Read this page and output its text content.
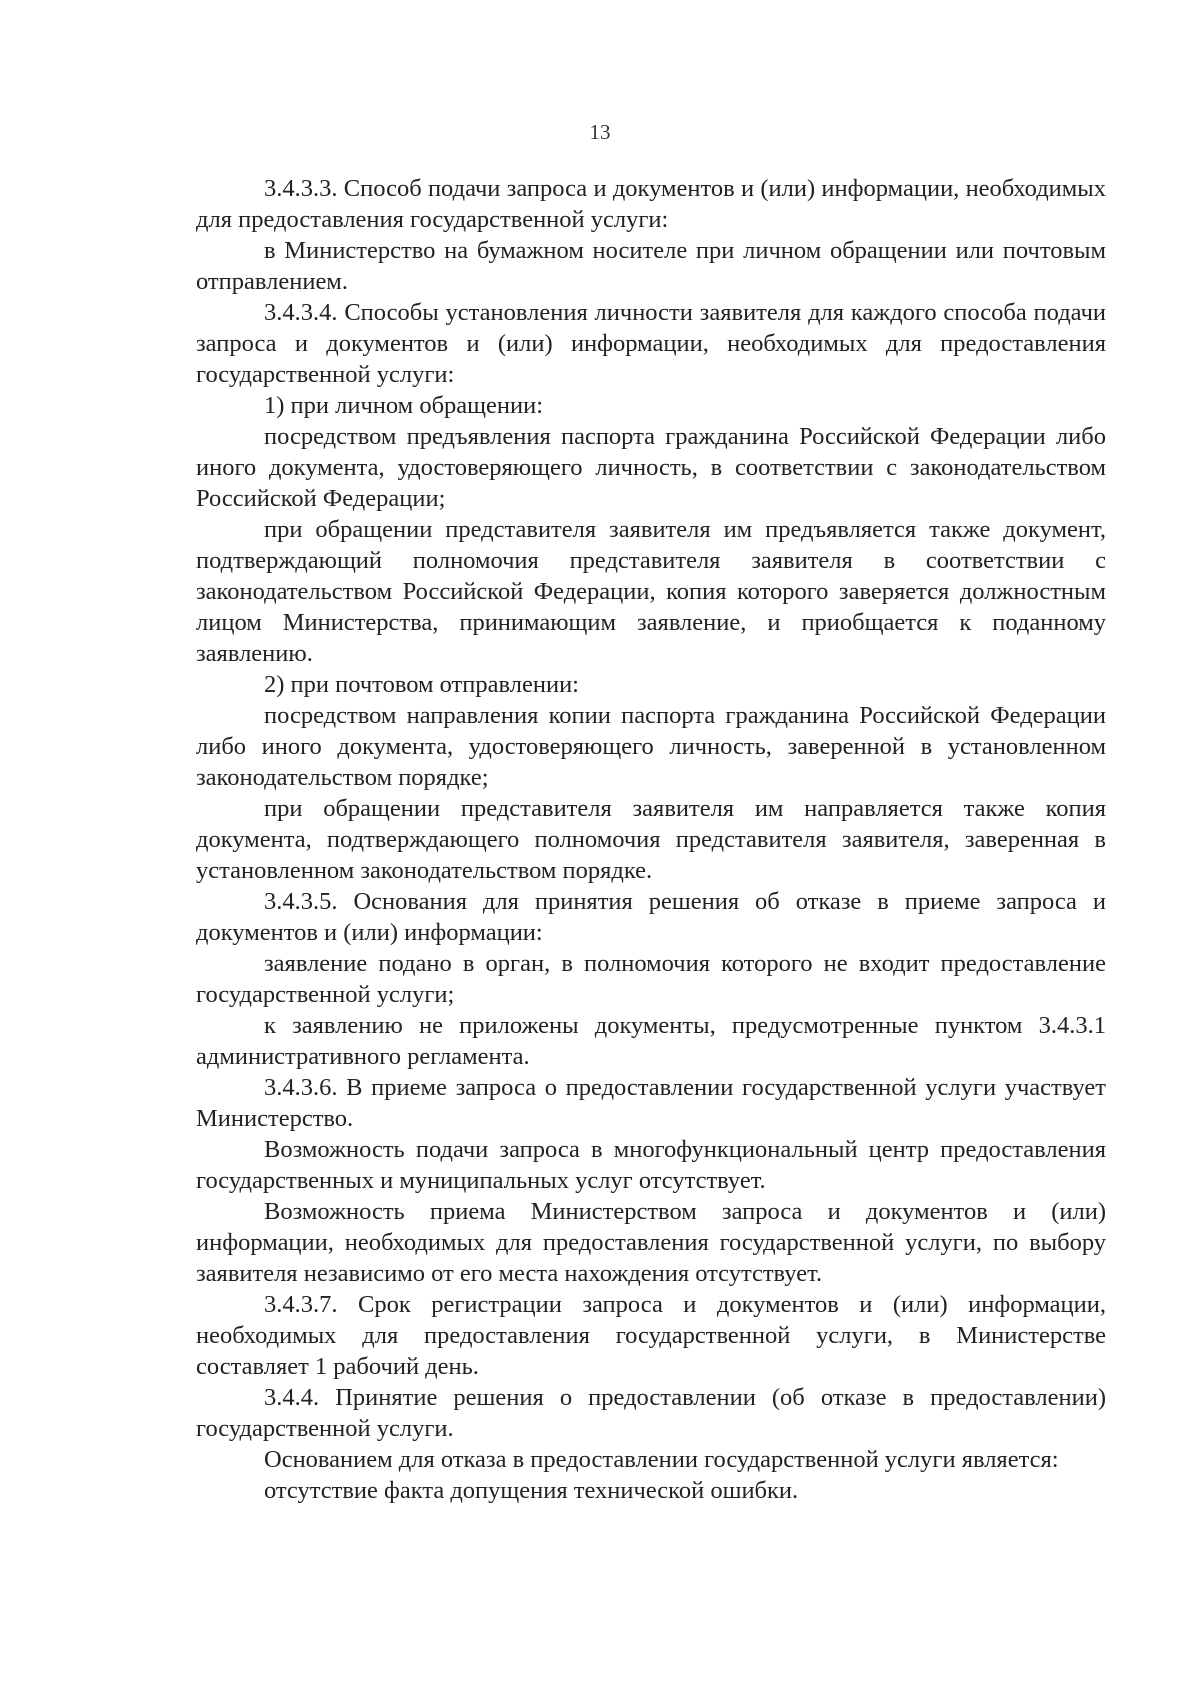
13

3.4.3.3. Способ подачи запроса и документов и (или) информации, необходимых для предоставления государственной услуги:

в Министерство на бумажном носителе при личном обращении или почтовым отправлением.

3.4.3.4. Способы установления личности заявителя для каждого способа подачи запроса и документов и (или) информации, необходимых для предоставления государственной услуги:

1) при личном обращении:

посредством предъявления паспорта гражданина Российской Федерации либо иного документа, удостоверяющего личность, в соответствии с законодательством Российской Федерации;

при обращении представителя заявителя им предъявляется также документ, подтверждающий полномочия представителя заявителя в соответствии с законодательством Российской Федерации, копия которого заверяется должностным лицом Министерства, принимающим заявление, и приобщается к поданному заявлению.

2) при почтовом отправлении:

посредством направления копии паспорта гражданина Российской Федерации либо иного документа, удостоверяющего личность, заверенной в установленном законодательством порядке;

при обращении представителя заявителя им направляется также копия документа, подтверждающего полномочия представителя заявителя, заверенная в установленном законодательством порядке.

3.4.3.5. Основания для принятия решения об отказе в приеме запроса и документов и (или) информации:

заявление подано в орган, в полномочия которого не входит предоставление государственной услуги;

к заявлению не приложены документы, предусмотренные пунктом 3.4.3.1 административного регламента.

3.4.3.6. В приеме запроса о предоставлении государственной услуги участвует Министерство.

Возможность подачи запроса в многофункциональный центр предоставления государственных и муниципальных услуг отсутствует.

Возможность приема Министерством запроса и документов и (или) информации, необходимых для предоставления государственной услуги, по выбору заявителя независимо от его места нахождения отсутствует.

3.4.3.7. Срок регистрации запроса и документов и (или) информации, необходимых для предоставления государственной услуги, в Министерстве составляет 1 рабочий день.

3.4.4. Принятие решения о предоставлении (об отказе в предоставлении) государственной услуги.

Основанием для отказа в предоставлении государственной услуги является:

отсутствие факта допущения технической ошибки.
